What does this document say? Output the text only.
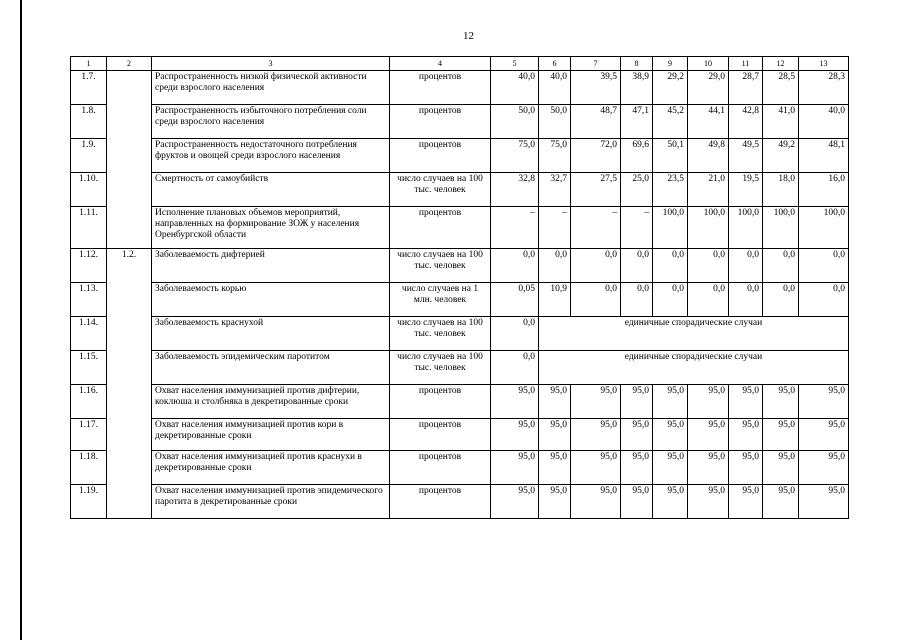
12
1	2	3	4	5	6	7	8	9	10	11	12	13
1.7.		Распространенность низкой физической активности среди взрослого населения	процентов	40,0	40,0	39,5	38,9	29,2	29,0	28,7	28,5	28,3
1.8.		Распространенность избыточного потребления соли среди взрослого населения	процентов	50,0	50,0	48,7	47,1	45,2	44,1	42,8	41,0	40,0
1.9.		Распространенность недостаточного потребления фруктов и овощей среди взрослого населения	процентов	75,0	75,0	72,0	69,6	50,1	49,8	49,5	49,2	48,1
1.10.		Смертность от самоубийств	число случаев на 100 тыс. человек	32,8	32,7	27,5	25,0	23,5	21,0	19,5	18,0	16,0
1.11.		Исполнение плановых объемов мероприятий, направленных на формирование ЗОЖ у населения Оренбургской области	процентов	–	–	–	–	100,0	100,0	100,0	100,0	100,0
1.12.	1.2.	Заболеваемость дифтерией	число случаев на 100 тыс. человек	0,0	0,0	0,0	0,0	0,0	0,0	0,0	0,0	0,0
1.13.		Заболеваемость корью	число случаев на 1 млн. человек	0,05	10,9	0,0	0,0	0,0	0,0	0,0	0,0	0,0
1.14.		Заболеваемость краснухой	число случаев на 100 тыс. человек	0,0	единичные спорадические случаи							
1.15.		Заболеваемость эпидемическим паротитом	число случаев на 100 тыс. человек	0,0	единичные спорадические случаи							
1.16.		Охват населения иммунизацией против дифтерии, коклюша и столбняка в декретированные сроки	процентов	95,0	95,0	95,0	95,0	95,0	95,0	95,0	95,0	95,0
1.17.		Охват населения иммунизацией против кори в декретированные сроки	процентов	95,0	95,0	95,0	95,0	95,0	95,0	95,0	95,0	95,0
1.18.		Охват населения иммунизацией против краснухи в декретированные сроки	процентов	95,0	95,0	95,0	95,0	95,0	95,0	95,0	95,0	95,0
1.19.		Охват населения иммунизацией против эпидемического паротита в декретированные сроки	процентов	95,0	95,0	95,0	95,0	95,0	95,0	95,0	95,0	95,0
